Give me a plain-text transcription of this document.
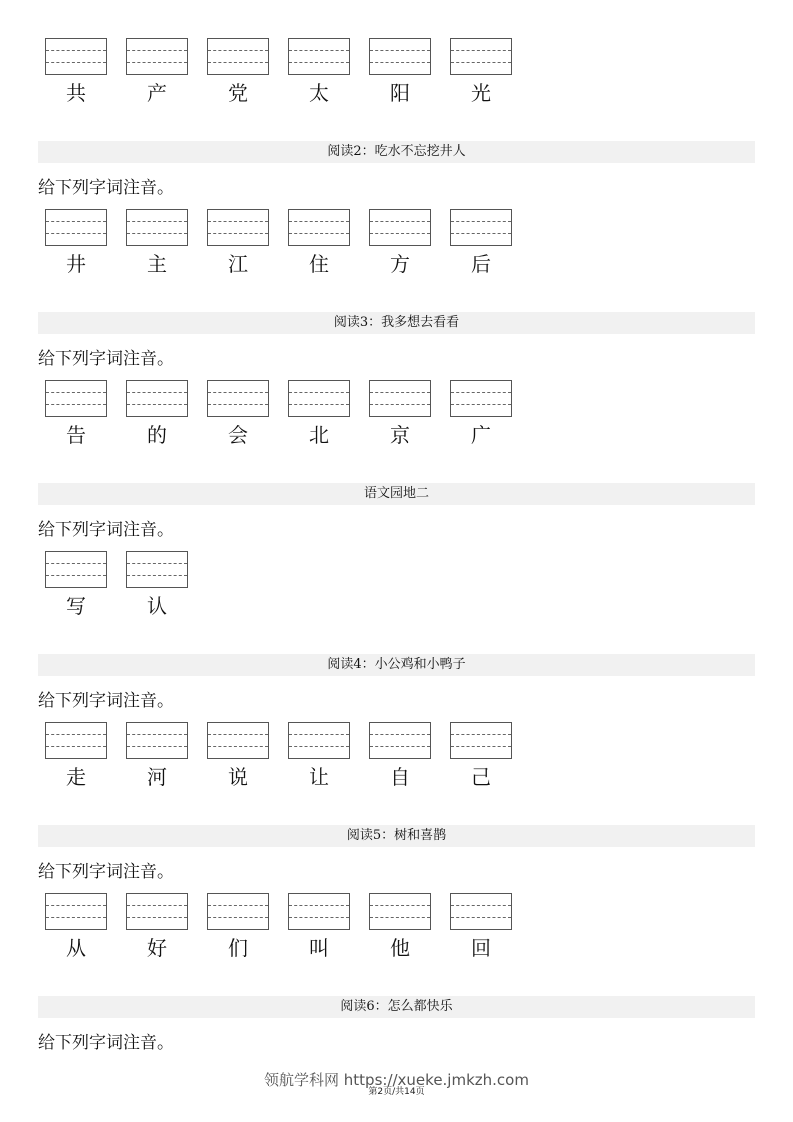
领航学科网 https://xueke.jmkzh.com
第2页/共14页
共	产	党	太	阳	光
阅读2：吃水不忘挖井人
给下列字词注音。
井	主	江	住	方	后
阅读3：我多想去看看
给下列字词注音。
告	的	会	北	京	广
语文园地二
给下列字词注音。
写	认
阅读4：小公鸡和小鸭子
给下列字词注音。
走	河	说	让	自	己
阅读5：树和喜鹊
给下列字词注音。
从	好	们	叫	他	回
阅读6：怎么都快乐
给下列字词注音。
